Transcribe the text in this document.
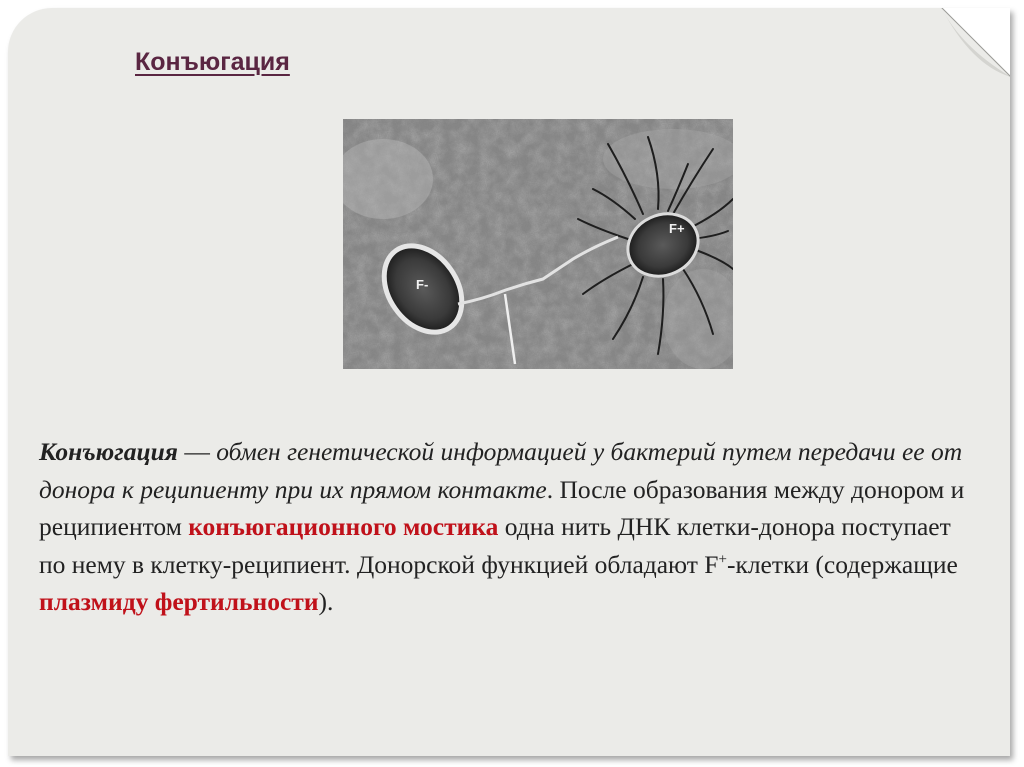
Конъюгация
F-
F+

Конъюгация — обмен генетической информацией у бактерий путем передачи ее от донора к реципиенту при их прямом контакте. После образования между донором и реципиентом конъюгационного мостика одна нить ДНК клетки-донора поступает по нему в клетку-реципиент. Донорской функцией обладают F+-клетки (содержащие плазмиду фертильности).
